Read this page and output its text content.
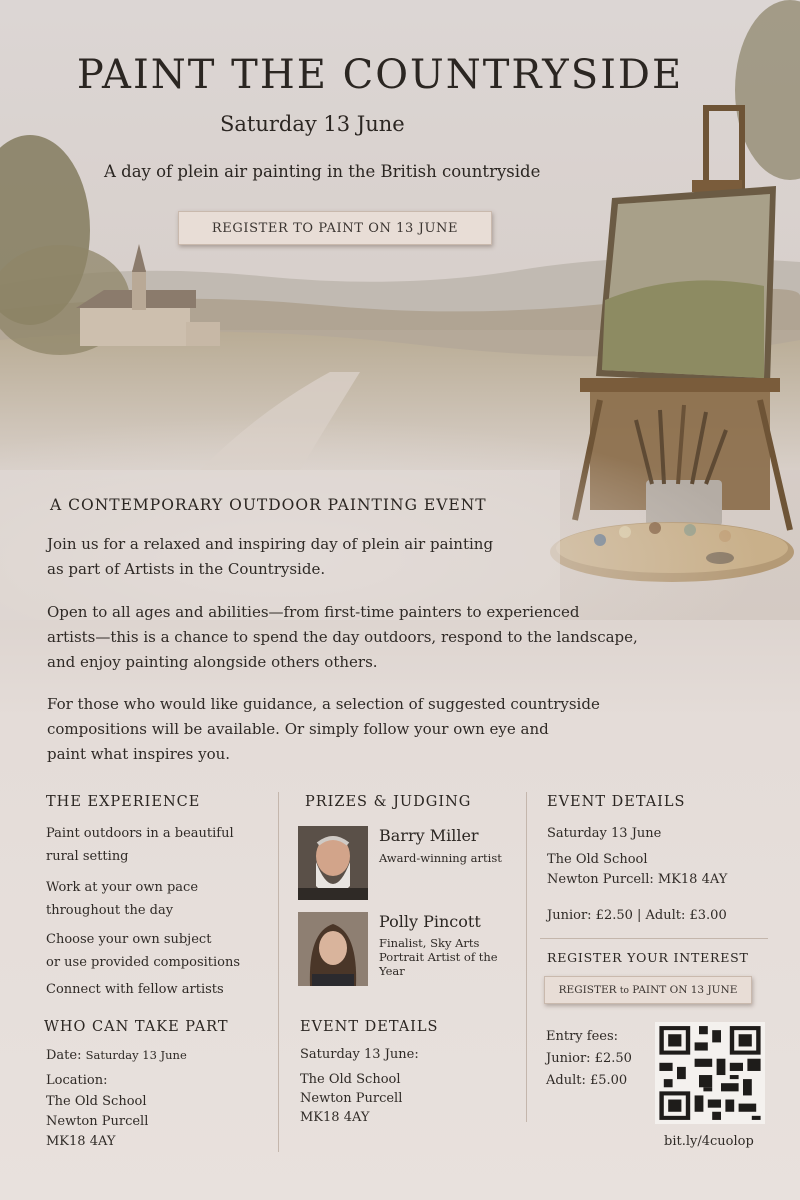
PAINT THE COUNTRYSIDE
Saturday 13 June
A day of plein air painting in the British countryside
REGISTER TO PAINT ON 13 JUNE
A CONTEMPORARY OUTDOOR PAINTING EVENT
Join us for a relaxed and inspiring day of plein air painting
as part of Artists in the Countryside.
Open to all ages and abilities—from first-time painters to experienced
artists—this is a chance to spend the day outdoors, respond to the landscape,
and enjoy painting alongside others others.
For those who would like guidance, a selection of suggested countryside
compositions will be available. Or simply follow your own eye and
paint what inspires you.
THE EXPERIENCE
Paint outdoors in a beautiful
rural setting
Work at your own pace
throughout the day
Choose your own subject
or use provided compositions
Connect with fellow artists
WHO CAN TAKE PART
Date: Saturday 13 June
Location:
The Old School
Newton Purcell
MK18 4AY
PRIZES & JUDGING
Barry Miller
Award-winning artist
Polly Pincott
Finalist, Sky Arts
Portrait Artist of the
Year
EVENT DETAILS
Saturday 13 June:
The Old School
Newton Purcell
MK18 4AY
EVENT DETAILS
Saturday 13 June
The Old School
Newton Purcell: MK18 4AY
Junior: £2.50 | Adult: £3.00
REGISTER YOUR INTEREST
REGISTER to PAINT ON 13 JUNE
Entry fees:
Junior: £2.50
Adult: £5.00
bit.ly/4cuolop
